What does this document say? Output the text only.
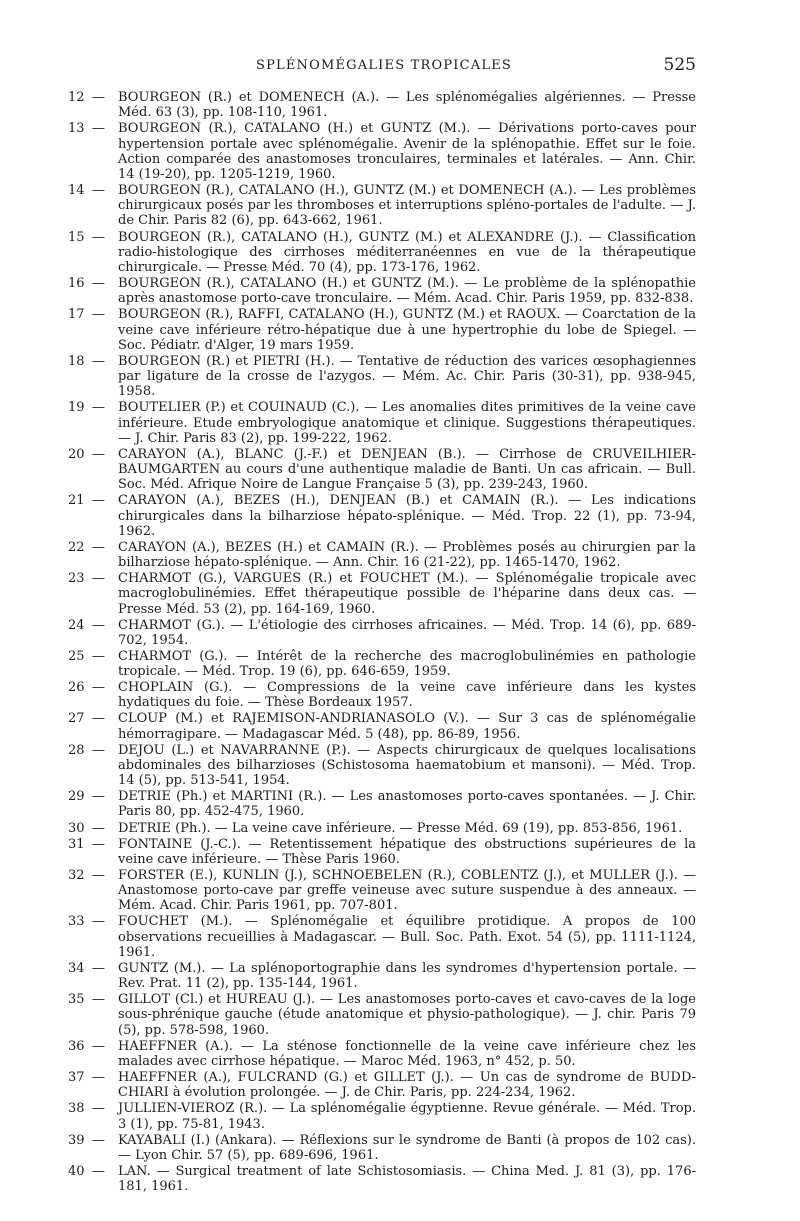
SPLÉNOMÉGALIES TROPICALES	525
12 — BOURGEON (R.) et DOMENECH (A.). — Les splénomégalies algériennes. — Presse Méd. 63 (3), pp. 108-110, 1961.
13 — BOURGEON (R.), CATALANO (H.) et GUNTZ (M.). — Dérivations porto-caves pour hypertension portale avec splénomégalie. Avenir de la splénopathie. Effet sur le foie. Action comparée des anastomoses tronculaires, terminales et latérales. — Ann. Chir. 14 (19-20), pp. 1205-1219, 1960.
14 — BOURGEON (R.), CATALANO (H.), GUNTZ (M.) et DOMENECH (A.). — Les problèmes chirurgicaux posés par les thromboses et interruptions spléno-portales de l'adulte. — J. de Chir. Paris 82 (6), pp. 643-662, 1961.
15 — BOURGEON (R.), CATALANO (H.), GUNTZ (M.) et ALEXANDRE (J.). — Classification radio-histologique des cirrhoses méditerranéennes en vue de la thérapeutique chirurgicale. — Presse Méd. 70 (4), pp. 173-176, 1962.
16 — BOURGEON (R.), CATALANO (H.) et GUNTZ (M.). — Le problème de la splénopathie après anastomose porto-cave tronculaire. — Mém. Acad. Chir. Paris 1959, pp. 832-838.
17 — BOURGEON (R.), RAFFI, CATALANO (H.), GUNTZ (M.) et RAOUX. — Coarctation de la veine cave inférieure rétro-hépatique due à une hypertrophie du lobe de Spiegel. — Soc. Pédiatr. d'Alger, 19 mars 1959.
18 — BOURGEON (R.) et PIETRI (H.). — Tentative de réduction des varices œsophagiennes par ligature de la crosse de l'azygos. — Mém. Ac. Chir. Paris (30-31), pp. 938-945, 1958.
19 — BOUTELIER (P.) et COUINAUD (C.). — Les anomalies dites primitives de la veine cave inférieure. Etude embryologique anatomique et clinique. Suggestions thérapeutiques. — J. Chir. Paris 83 (2), pp. 199-222, 1962.
20 — CARAYON (A.), BLANC (J.-F.) et DENJEAN (B.). — Cirrhose de CRUVEILHIER-BAUMGARTEN au cours d'une authentique maladie de Banti. Un cas africain. — Bull. Soc. Méd. Afrique Noire de Langue Française 5 (3), pp. 239-243, 1960.
21 — CARAYON (A.), BEZES (H.), DENJEAN (B.) et CAMAIN (R.). — Les indications chirurgicales dans la bilharziose hépato-splénique. — Méd. Trop. 22 (1), pp. 73-94, 1962.
22 — CARAYON (A.), BEZES (H.) et CAMAIN (R.). — Problèmes posés au chirurgien par la bilharziose hépato-splénique. — Ann. Chir. 16 (21-22), pp. 1465-1470, 1962.
23 — CHARMOT (G.), VARGUES (R.) et FOUCHET (M.). — Splénomégalie tropicale avec macroglobulinémies. Effet thérapeutique possible de l'héparine dans deux cas. — Presse Méd. 53 (2), pp. 164-169, 1960.
24 — CHARMOT (G.). — L'étiologie des cirrhoses africaines. — Méd. Trop. 14 (6), pp. 689-702, 1954.
25 — CHARMOT (G.). — Intérêt de la recherche des macroglobulinémies en pathologie tropicale. — Méd. Trop. 19 (6), pp. 646-659, 1959.
26 — CHOPLAIN (G.). — Compressions de la veine cave inférieure dans les kystes hydatiques du foie. — Thèse Bordeaux 1957.
27 — CLOUP (M.) et RAJEMISON-ANDRIANASOLO (V.). — Sur 3 cas de splénomégalie hémorragipare. — Madagascar Méd. 5 (48), pp. 86-89, 1956.
28 — DEJOU (L.) et NAVARRANNE (P.). — Aspects chirurgicaux de quelques localisations abdominales des bilharzioses (Schistosoma haematobium et mansoni). — Méd. Trop. 14 (5), pp. 513-541, 1954.
29 — DETRIE (Ph.) et MARTINI (R.). — Les anastomoses porto-caves spontanées. — J. Chir. Paris 80, pp. 452-475, 1960.
30 — DETRIE (Ph.). — La veine cave inférieure. — Presse Méd. 69 (19), pp. 853-856, 1961.
31 — FONTAINE (J.-C.). — Retentissement hépatique des obstructions supérieures de la veine cave inférieure. — Thèse Paris 1960.
32 — FORSTER (E.), KUNLIN (J.), SCHNOEBELEN (R.), COBLENTZ (J.), et MULLER (J.). — Anastomose porto-cave par greffe veineuse avec suture suspendue à des anneaux. — Mém. Acad. Chir. Paris 1961, pp. 707-801.
33 — FOUCHET (M.). — Splénomégalie et équilibre protidique. A propos de 100 observations recueillies à Madagascar. — Bull. Soc. Path. Exot. 54 (5), pp. 1111-1124, 1961.
34 — GUNTZ (M.). — La splénoportographie dans les syndromes d'hypertension portale. — Rev. Prat. 11 (2), pp. 135-144, 1961.
35 — GILLOT (Cl.) et HUREAU (J.). — Les anastomoses porto-caves et cavo-caves de la loge sous-phrénique gauche (étude anatomique et physio-pathologique). — J. chir. Paris 79 (5), pp. 578-598, 1960.
36 — HAEFFNER (A.). — La sténose fonctionnelle de la veine cave inférieure chez les malades avec cirrhose hépatique. — Maroc Méd. 1963, n° 452, p. 50.
37 — HAEFFNER (A.), FULCRAND (G.) et GILLET (J.). — Un cas de syndrome de BUDD-CHIARI à évolution prolongée. — J. de Chir. Paris, pp. 224-234, 1962.
38 — JULLIEN-VIEROZ (R.). — La splénomégalie égyptienne. Revue générale. — Méd. Trop. 3 (1), pp. 75-81, 1943.
39 — KAYABALI (I.) (Ankara). — Réflexions sur le syndrome de Banti (à propos de 102 cas). — Lyon Chir. 57 (5), pp. 689-696, 1961.
40 — LAN. — Surgical treatment of late Schistosomiasis. — China Med. J. 81 (3), pp. 176-181, 1961.
